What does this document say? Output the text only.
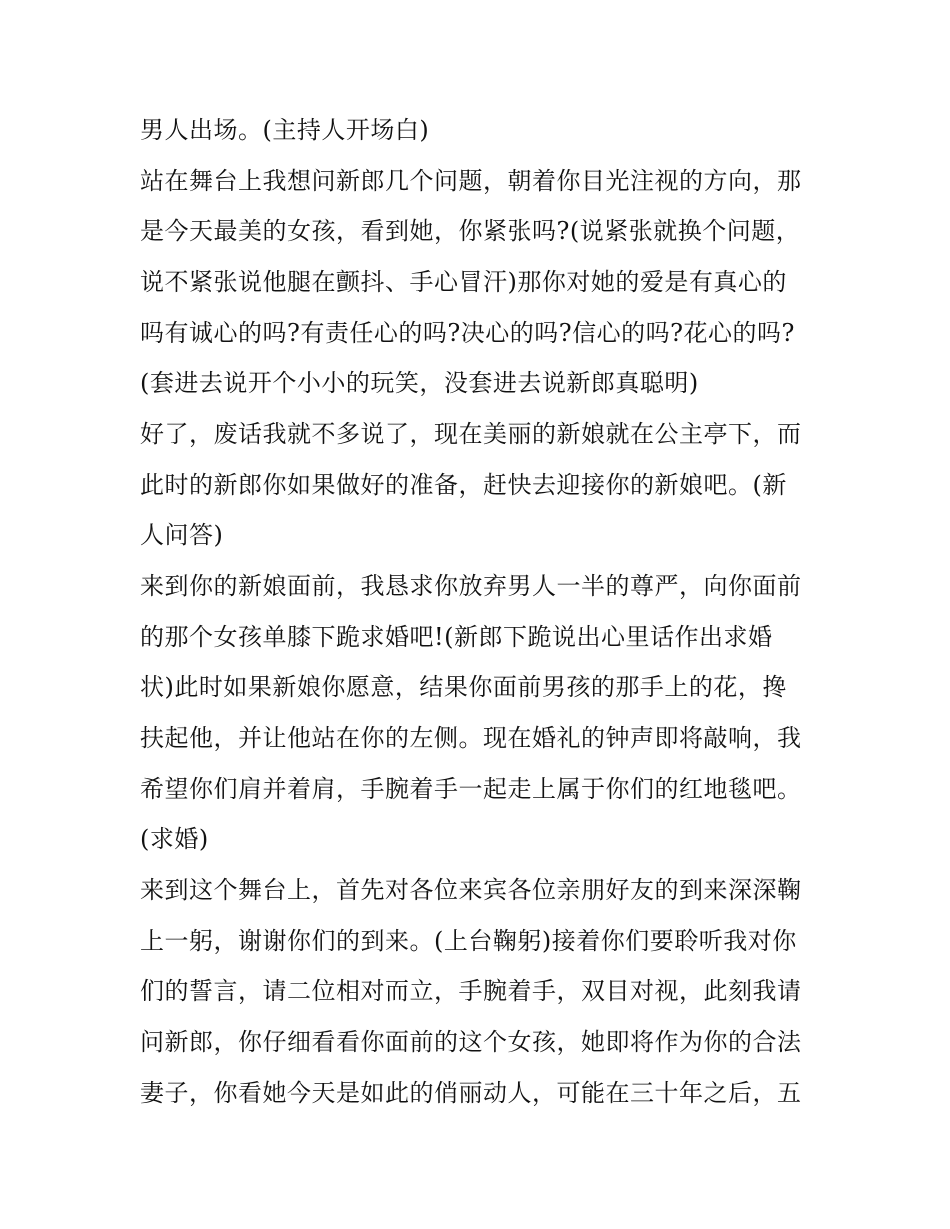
男人出场。(主持人开场白)
站在舞台上我想问新郎几个问题，朝着你目光注视的方向，那
是今天最美的女孩，看到她，你紧张吗?(说紧张就换个问题，
说不紧张说他腿在颤抖、手心冒汗)那你对她的爱是有真心的
吗有诚心的吗?有责任心的吗?决心的吗?信心的吗?花心的吗?
(套进去说开个小小的玩笑，没套进去说新郎真聪明)
好了，废话我就不多说了，现在美丽的新娘就在公主亭下，而
此时的新郎你如果做好的准备，赶快去迎接你的新娘吧。(新
人问答)
来到你的新娘面前，我恳求你放弃男人一半的尊严，向你面前
的那个女孩单膝下跪求婚吧!(新郎下跪说出心里话作出求婚
状)此时如果新娘你愿意，结果你面前男孩的那手上的花，搀
扶起他，并让他站在你的左侧。现在婚礼的钟声即将敲响，我
希望你们肩并着肩，手腕着手一起走上属于你们的红地毯吧。
(求婚)
来到这个舞台上，首先对各位来宾各位亲朋好友的到来深深鞠
上一躬，谢谢你们的到来。(上台鞠躬)接着你们要聆听我对你
们的誓言，请二位相对而立，手腕着手，双目对视，此刻我请
问新郎，你仔细看看你面前的这个女孩，她即将作为你的合法
妻子，你看她今天是如此的俏丽动人，可能在三十年之后，五
